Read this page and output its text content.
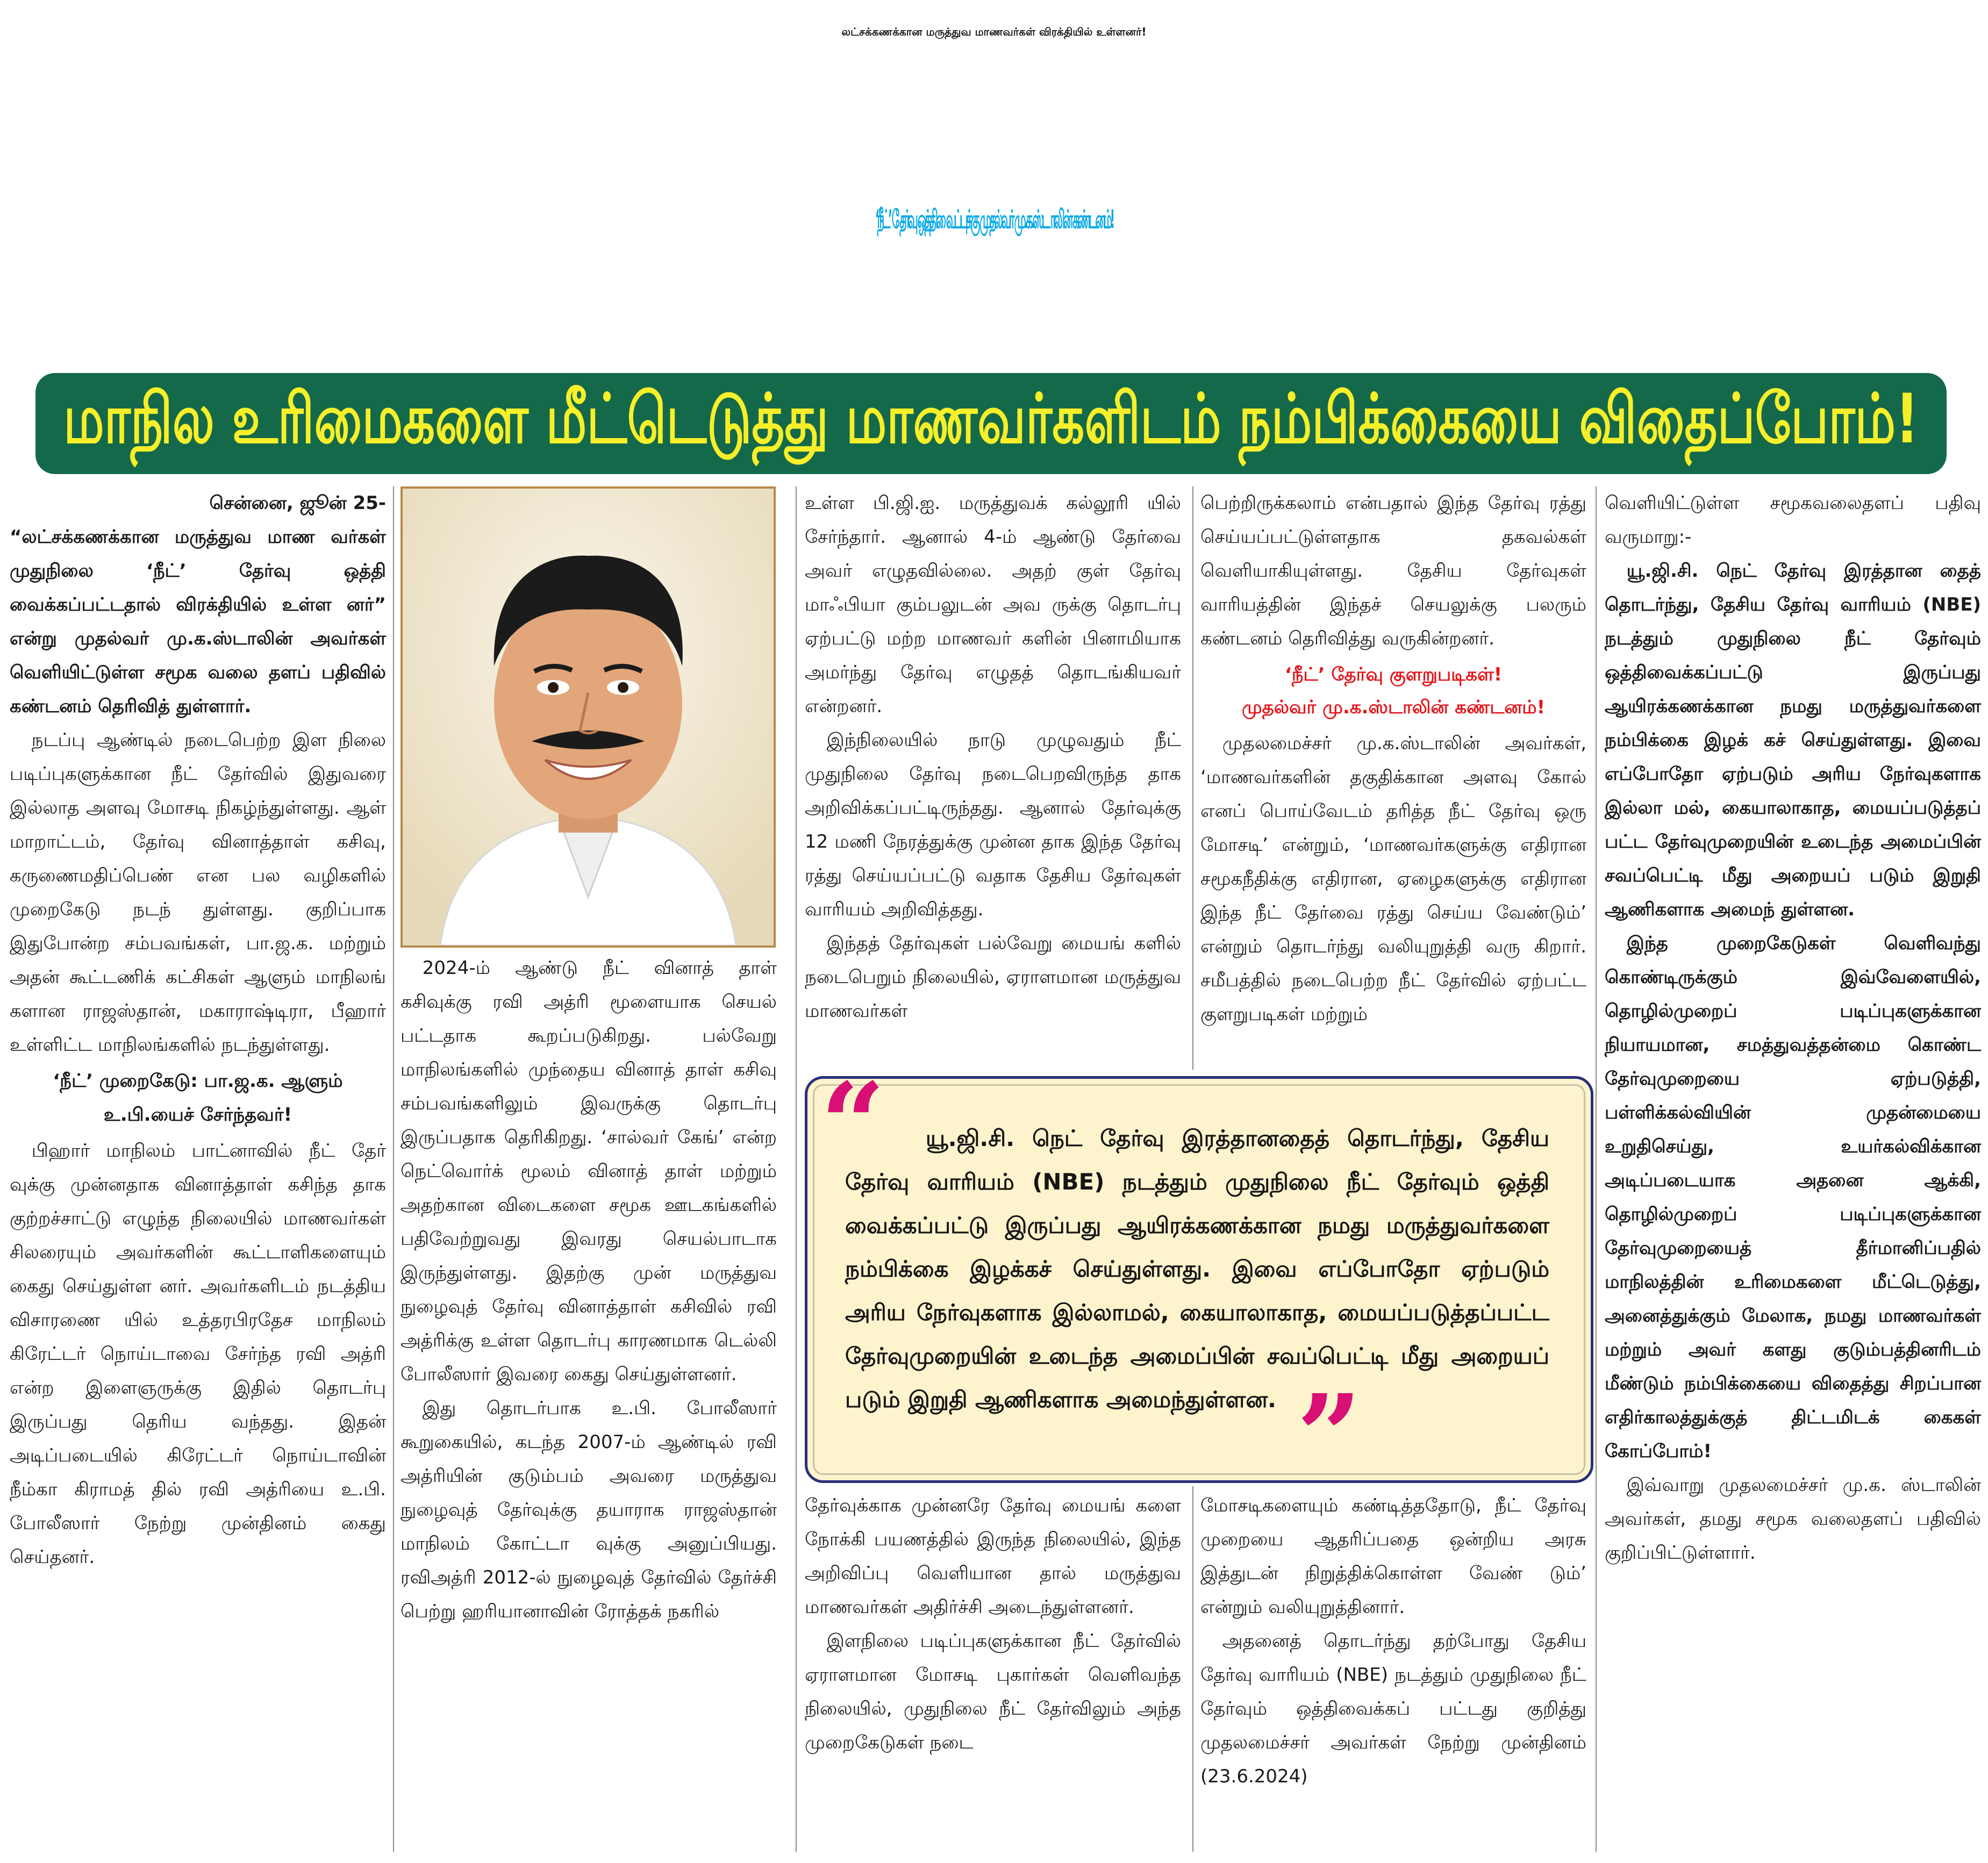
லட்சக்கணக்கான மருத்துவ மாணவர்கள் விரக்தியில் உள்ளனர்!
‘நீட்’ தேர்வு ஒத்திவைப்புக்கு முதல்வர் மு.க.ஸ்டாலின் கண்டனம்!
மாநில உரிமைகளை மீட்டெடுத்து மாணவர்களிடம் நம்பிக்கையை விதைப்போம்!

சென்னை, ஜூன் 25-

“லட்சக்கணக்கான மருத்துவ மாண வர்கள் முதுநிலை ‘நீட்’ தேர்வு ஒத்தி வைக்கப்பட்டதால் விரக்தியில் உள்ள னர்” என்று முதல்வர் மு.க.ஸ்டாலின் அவர்கள் வெளியிட்டுள்ள சமூக வலை தளப் பதிவில் கண்டனம் தெரிவித் துள்ளார்.

நடப்பு ஆண்டில் நடைபெற்ற இள நிலை படிப்புகளுக்கான நீட் தேர்வில் இதுவரை இல்லாத அளவு மோசடி நிகழ்ந்துள்ளது. ஆள் மாறாட்டம், தேர்வு வினாத்தாள் கசிவு, கருணைமதிப்பெண் என பல வழிகளில் முறைகேடு நடந் துள்ளது. குறிப்பாக இதுபோன்ற சம்பவங்கள், பா.ஜ.க. மற்றும் அதன் கூட்டணிக் கட்சிகள் ஆளும் மாநிலங் களான ராஜஸ்தான், மகாராஷ்டிரா, பீஹார் உள்ளிட்ட மாநிலங்களில் நடந்துள்ளது.

‘நீட்’ முறைகேடு: பா.ஜ.க. ஆளும் உ.பி.யைச் சேர்ந்தவர்!

பிஹார் மாநிலம் பாட்னாவில் நீட் தேர் வுக்கு முன்னதாக வினாத்தாள் கசிந்த தாக குற்றச்சாட்டு எழுந்த நிலையில் மாணவர்கள் சிலரையும் அவர்களின் கூட்டாளிகளையும் கைது செய்துள்ள னர். அவர்களிடம் நடத்திய விசாரணை யில் உத்தரபிரதேச மாநிலம் கிரேட்டர் நொய்டாவை சேர்ந்த ரவி அத்ரி என்ற இளைஞருக்கு இதில் தொடர்பு இருப்பது தெரிய வந்தது. இதன் அடிப்படையில் கிரேட்டர் நொய்டாவின் நீம்கா கிராமத் தில் ரவி அத்ரியை உ.பி. போலீஸார் நேற்று முன்தினம் கைது செய்தனர்.

2024-ம் ஆண்டு நீட் வினாத் தாள் கசிவுக்கு ரவி அத்ரி மூளையாக செயல் பட்டதாக கூறப்படுகிறது. பல்வேறு மாநிலங்களில் முந்தைய வினாத் தாள் கசிவு சம்பவங்களிலும் இவருக்கு தொடர்பு இருப்பதாக தெரிகிறது. ‘சால்வர் கேங்’ என்ற நெட்வொர்க் மூலம் வினாத் தாள் மற்றும் அதற்கான விடைகளை சமூக ஊடகங்களில் பதிவேற்றுவது இவரது செயல்பாடாக இருந்துள்ளது. இதற்கு முன் மருத்துவ நுழைவுத் தேர்வு வினாத்தாள் கசிவில் ரவி அத்ரிக்கு உள்ள தொடர்பு காரணமாக டெல்லி போலீஸார் இவரை கைது செய்துள்ளனர்.

இது தொடர்பாக உ.பி. போலீஸார் கூறுகையில், கடந்த 2007-ம் ஆண்டில் ரவி அத்ரியின் குடும்பம் அவரை மருத்துவ நுழைவுத் தேர்வுக்கு தயாராக ராஜஸ்தான் மாநிலம் கோட்டா வுக்கு அனுப்பியது. ரவிஅத்ரி 2012-ல் நுழைவுத் தேர்வில் தேர்ச்சி பெற்று ஹரியானாவின் ரோத்தக் நகரில்

உள்ள பி.ஜி.ஐ. மருத்துவக் கல்லூரி யில் சேர்ந்தார். ஆனால் 4-ம் ஆண்டு தேர்வை அவர் எழுதவில்லை. அதற் குள் தேர்வு மாஃபியா கும்பலுடன் அவ ருக்கு தொடர்பு ஏற்பட்டு மற்ற மாணவர் களின் பினாமியாக அமர்ந்து தேர்வு எழுதத் தொடங்கியவர் என்றனர்.

இந்நிலையில் நாடு முழுவதும் நீட் முதுநிலை தேர்வு நடைபெறவிருந்த தாக அறிவிக்கப்பட்டிருந்தது. ஆனால் தேர்வுக்கு 12 மணி நேரத்துக்கு முன்ன தாக இந்த தேர்வு ரத்து செய்யப்பட்டு வதாக தேசிய தேர்வுகள் வாரியம் அறிவித்தது.

இந்தத் தேர்வுகள் பல்வேறு மையங் களில் நடைபெறும் நிலையில், ஏராளமான மருத்துவ மாணவர்கள்

தேர்வுக்காக முன்னரே தேர்வு மையங் களை நோக்கி பயணத்தில் இருந்த நிலையில், இந்த அறிவிப்பு வெளியான தால் மருத்துவ மாணவர்கள் அதிர்ச்சி அடைந்துள்ளனர்.

இளநிலை படிப்புகளுக்கான நீட் தேர்வில் ஏராளமான மோசடி புகார்கள் வெளிவந்த நிலையில், முதுநிலை நீட் தேர்விலும் அந்த முறைகேடுகள் நடை

பெற்றிருக்கலாம் என்பதால் இந்த தேர்வு ரத்து செய்யப்பட்டுள்ளதாக தகவல்கள் வெளியாகியுள்ளது. தேசிய தேர்வுகள் வாரியத்தின் இந்தச் செயலுக்கு பலரும் கண்டனம் தெரிவித்து வருகின்றனர்.

‘நீட்’ தேர்வு குளறுபடிகள்!
முதல்வர் மு.க.ஸ்டாலின் கண்டனம்!

முதலமைச்சர் மு.க.ஸ்டாலின் அவர்கள், ‘மாணவர்களின் தகுதிக்கான அளவு கோல் எனப் பொய்வேடம் தரித்த நீட் தேர்வு ஒரு மோசடி’ என்றும், ‘மாணவர்களுக்கு எதிரான சமூகநீதிக்கு எதிரான, ஏழைகளுக்கு எதிரான இந்த நீட் தேர்வை ரத்து செய்ய வேண்டும்’ என்றும் தொடர்ந்து வலியுறுத்தி வரு கிறார். சமீபத்தில் நடைபெற்ற நீட் தேர்வில் ஏற்பட்ட குளறுபடிகள் மற்றும்

மோசடிகளையும் கண்டித்ததோடு, நீட் தேர்வு முறையை ஆதரிப்பதை ஒன்றிய அரசு இத்துடன் நிறுத்திக்கொள்ள வேண் டும்’ என்றும் வலியுறுத்தினார்.

அதனைத் தொடர்ந்து தற்போது தேசிய தேர்வு வாரியம் (NBE) நடத்தும் முதுநிலை நீட் தேர்வும் ஒத்திவைக்கப் பட்டது குறித்து முதலமைச்சர் அவர்கள் நேற்று முன்தினம் (23.6.2024)

வெளியிட்டுள்ள சமூகவலைதளப் பதிவு வருமாறு:-

யூ.ஜி.சி. நெட் தேர்வு இரத்தான தைத் தொடர்ந்து, தேசிய தேர்வு வாரியம் (NBE) நடத்தும் முதுநிலை நீட் தேர்வும் ஒத்திவைக்கப்பட்டு இருப்பது ஆயிரக்கணக்கான நமது மருத்துவர்களை நம்பிக்கை இழக் கச் செய்துள்ளது. இவை எப்போதோ ஏற்படும் அரிய நேர்வுகளாக இல்லா மல், கையாலாகாத, மையப்படுத்தப் பட்ட தேர்வுமுறையின் உடைந்த அமைப்பின் சவப்பெட்டி மீது அறையப் படும் இறுதி ஆணிகளாக அமைந் துள்ளன.

இந்த முறைகேடுகள் வெளிவந்து கொண்டிருக்கும் இவ்வேளையில், தொழில்முறைப் படிப்புகளுக்கான நியாயமான, சமத்துவத்தன்மை கொண்ட தேர்வுமுறையை ஏற்படுத்தி, பள்ளிக்கல்வியின் முதன்மையை உறுதிசெய்து, உயர்கல்விக்கான அடிப்படையாக அதனை ஆக்கி, தொழில்முறைப் படிப்புகளுக்கான தேர்வுமுறையைத் தீர்மானிப்பதில் மாநிலத்தின் உரிமைகளை மீட்டெடுத்து, அனைத்துக்கும் மேலாக, நமது மாணவர்கள் மற்றும் அவர் களது குடும்பத்தினரிடம் மீண்டும் நம்பிக்கையை விதைத்து சிறப்பான எதிர்காலத்துக்குத் திட்டமிடக் கைகள் கோப்போம்!

இவ்வாறு முதலமைச்சர் மு.க. ஸ்டாலின் அவர்கள், தமது சமூக வலைதளப் பதிவில் குறிப்பிட்டுள்ளார்.

“	யூ.ஜி.சி. நெட் தேர்வு இரத்தானதைத் தொடர்ந்து, தேசிய தேர்வு வாரியம் (NBE) நடத்தும் முதுநிலை நீட் தேர்வும் ஒத்தி வைக்கப்பட்டு இருப்பது ஆயிரக்கணக்கான நமது மருத்துவர்களை நம்பிக்கை இழக்கச் செய்துள்ளது. இவை எப்போதோ ஏற்படும் அரிய நேர்வுகளாக இல்லாமல், கையாலாகாத, மையப்படுத்தப்பட்ட தேர்வுமுறையின் உடைந்த அமைப்பின் சவப்பெட்டி மீது அறையப் படும் இறுதி ஆணிகளாக அமைந்துள்ளன. ”
